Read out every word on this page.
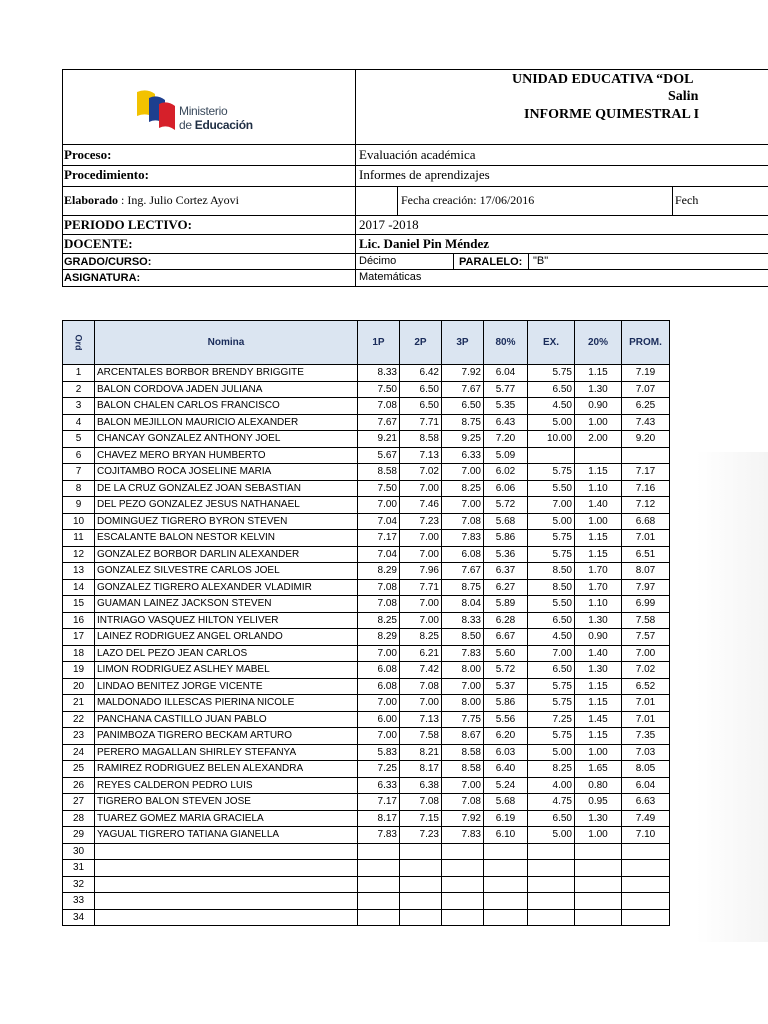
Ministerio
de Educación
UNIDAD EDUCATIVA “DOL
Salin
INFORME QUIMESTRAL I
Proceso:	Evaluación académica
Procedimiento:	Informes de aprendizajes
Elaborado : Ing. Julio Cortez Ayovi	Fecha creación: 17/06/2016	Fech
PERIODO LECTIVO:	2017 -2018
DOCENTE:	Lic. Daniel Pin Méndez
GRADO/CURSO:	Décimo	PARALELO: "B"
ASIGNATURA:	Matemáticas
Ord	Nomina	1P	2P	3P	80%	EX.	20%	PROM.
1	ARCENTALES BORBOR BRENDY BRIGGITE	8.33	6.42	7.92	6.04	5.75	1.15	7.19
2	BALON CORDOVA JADEN JULIANA	7.50	6.50	7.67	5.77	6.50	1.30	7.07
3	BALON CHALEN CARLOS FRANCISCO	7.08	6.50	6.50	5.35	4.50	0.90	6.25
4	BALON MEJILLON MAURICIO ALEXANDER	7.67	7.71	8.75	6.43	5.00	1.00	7.43
5	CHANCAY GONZALEZ ANTHONY JOEL	9.21	8.58	9.25	7.20	10.00	2.00	9.20
6	CHAVEZ MERO BRYAN HUMBERTO	5.67	7.13	6.33	5.09			
7	COJITAMBO ROCA JOSELINE MARIA	8.58	7.02	7.00	6.02	5.75	1.15	7.17
8	DE LA CRUZ GONZALEZ JOAN SEBASTIAN	7.50	7.00	8.25	6.06	5.50	1.10	7.16
9	DEL PEZO GONZALEZ JESUS NATHANAEL	7.00	7.46	7.00	5.72	7.00	1.40	7.12
10	DOMINGUEZ TIGRERO BYRON STEVEN	7.04	7.23	7.08	5.68	5.00	1.00	6.68
11	ESCALANTE BALON NESTOR KELVIN	7.17	7.00	7.83	5.86	5.75	1.15	7.01
12	GONZALEZ BORBOR DARLIN ALEXANDER	7.04	7.00	6.08	5.36	5.75	1.15	6.51
13	GONZALEZ SILVESTRE CARLOS JOEL	8.29	7.96	7.67	6.37	8.50	1.70	8.07
14	GONZALEZ TIGRERO ALEXANDER VLADIMIR	7.08	7.71	8.75	6.27	8.50	1.70	7.97
15	GUAMAN LAINEZ JACKSON STEVEN	7.08	7.00	8.04	5.89	5.50	1.10	6.99
16	INTRIAGO VASQUEZ HILTON YELIVER	8.25	7.00	8.33	6.28	6.50	1.30	7.58
17	LAINEZ RODRIGUEZ ANGEL ORLANDO	8.29	8.25	8.50	6.67	4.50	0.90	7.57
18	LAZO DEL PEZO JEAN CARLOS	7.00	6.21	7.83	5.60	7.00	1.40	7.00
19	LIMON RODRIGUEZ ASLHEY MABEL	6.08	7.42	8.00	5.72	6.50	1.30	7.02
20	LINDAO BENITEZ JORGE VICENTE	6.08	7.08	7.00	5.37	5.75	1.15	6.52
21	MALDONADO ILLESCAS PIERINA NICOLE	7.00	7.00	8.00	5.86	5.75	1.15	7.01
22	PANCHANA CASTILLO JUAN PABLO	6.00	7.13	7.75	5.56	7.25	1.45	7.01
23	PANIMBOZA TIGRERO BECKAM ARTURO	7.00	7.58	8.67	6.20	5.75	1.15	7.35
24	PERERO MAGALLAN SHIRLEY STEFANYA	5.83	8.21	8.58	6.03	5.00	1.00	7.03
25	RAMIREZ RODRIGUEZ BELEN ALEXANDRA	7.25	8.17	8.58	6.40	8.25	1.65	8.05
26	REYES CALDERON PEDRO LUIS	6.33	6.38	7.00	5.24	4.00	0.80	6.04
27	TIGRERO BALON STEVEN JOSE	7.17	7.08	7.08	5.68	4.75	0.95	6.63
28	TUAREZ GOMEZ MARIA GRACIELA	8.17	7.15	7.92	6.19	6.50	1.30	7.49
29	YAGUAL TIGRERO TATIANA GIANELLA	7.83	7.23	7.83	6.10	5.00	1.00	7.10
30								
31								
32								
33								
34								
